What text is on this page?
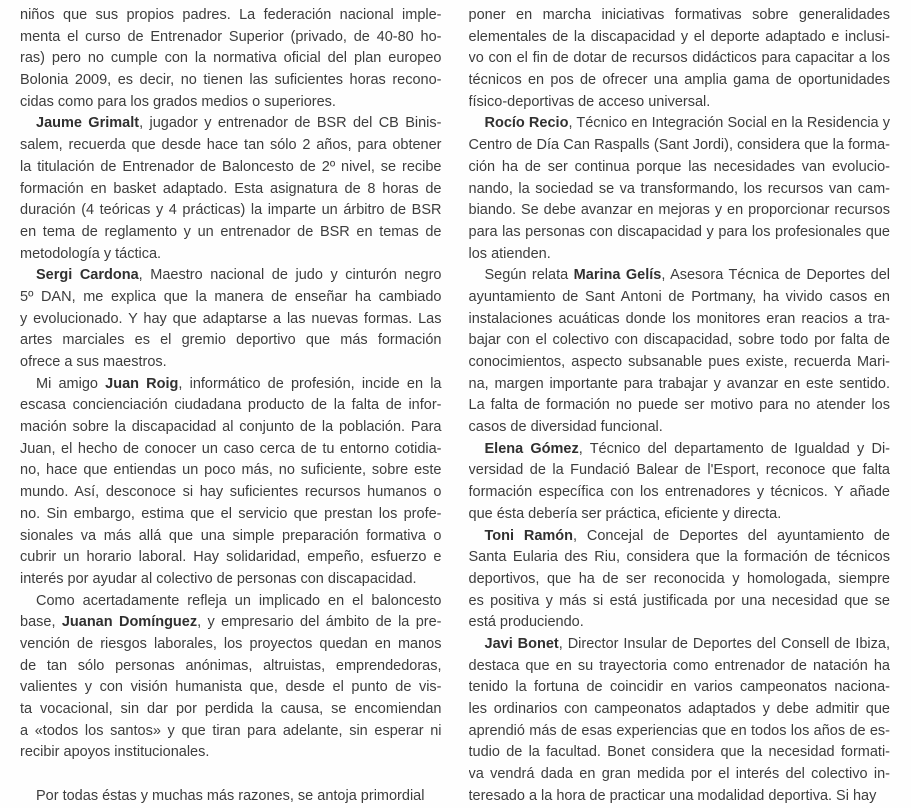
niños que sus propios padres. La federación nacional imple-
menta el curso de Entrenador Superior (privado, de 40-80 ho-
ras) pero no cumple con la normativa oficial del plan europeo
Bolonia 2009, es decir, no tienen las suficientes horas recono-
cidas como para los grados medios o superiores.
Jaume Grimalt, jugador y entrenador de BSR del CB Binis-
salem, recuerda que desde hace tan sólo 2 años, para obtener
la titulación de Entrenador de Baloncesto de 2º nivel, se recibe
formación en basket adaptado. Esta asignatura de 8 horas de
duración (4 teóricas y 4 prácticas) la imparte un árbitro de BSR
en tema de reglamento y un entrenador de BSR en temas de
metodología y táctica.
Sergi Cardona, Maestro nacional de judo y cinturón negro
5º DAN, me explica que la manera de enseñar ha cambiado
y evolucionado. Y hay que adaptarse a las nuevas formas. Las
artes marciales es el gremio deportivo que más formación
ofrece a sus maestros.
Mi amigo Juan Roig, informático de profesión, incide en la
escasa concienciación ciudadana producto de la falta de infor-
mación sobre la discapacidad al conjunto de la población. Para
Juan, el hecho de conocer un caso cerca de tu entorno cotidia-
no, hace que entiendas un poco más, no suficiente, sobre este
mundo. Así, desconoce si hay suficientes recursos humanos o
no. Sin embargo, estima que el servicio que prestan los profe-
sionales va más allá que una simple preparación formativa o
cubrir un horario laboral. Hay solidaridad, empeño, esfuerzo e
interés por ayudar al colectivo de personas con discapacidad.
Como acertadamente refleja un implicado en el baloncesto
base, Juanan Domínguez, y empresario del ámbito de la pre-
vención de riesgos laborales, los proyectos quedan en manos
de tan sólo personas anónimas, altruistas, emprendedoras,
valientes y con visión humanista que, desde el punto de vis-
ta vocacional, sin dar por perdida la causa, se encomiendan
a «todos los santos» y que tiran para adelante, sin esperar ni
recibir apoyos institucionales.
Por todas éstas y muchas más razones, se antoja primordial
poner en marcha iniciativas formativas sobre generalidades
elementales de la discapacidad y el deporte adaptado e inclusi-
vo con el fin de dotar de recursos didácticos para capacitar a los
técnicos en pos de ofrecer una amplia gama de oportunidades
físico-deportivas de acceso universal.
Rocío Recio, Técnico en Integración Social en la Residencia y
Centro de Día Can Raspalls (Sant Jordi), considera que la forma-
ción ha de ser continua porque las necesidades van evolucio-
nando, la sociedad se va transformando, los recursos van cam-
biando. Se debe avanzar en mejoras y en proporcionar recursos
para las personas con discapacidad y para los profesionales que
los atienden.
Según relata Marina Gelís, Asesora Técnica de Deportes del
ayuntamiento de Sant Antoni de Portmany, ha vivido casos en
instalaciones acuáticas donde los monitores eran reacios a tra-
bajar con el colectivo con discapacidad, sobre todo por falta de
conocimientos, aspecto subsanable pues existe, recuerda Mari-
na, margen importante para trabajar y avanzar en este sentido.
La falta de formación no puede ser motivo para no atender los
casos de diversidad funcional.
Elena Gómez, Técnico del departamento de Igualdad y Di-
versidad de la Fundació Balear de l'Esport, reconoce que falta
formación específica con los entrenadores y técnicos. Y añade
que ésta debería ser práctica, eficiente y directa.
Toni Ramón, Concejal de Deportes del ayuntamiento de
Santa Eularia des Riu, considera que la formación de técnicos
deportivos, que ha de ser reconocida y homologada, siempre
es positiva y más si está justificada por una necesidad que se
está produciendo.
Javi Bonet, Director Insular de Deportes del Consell de Ibiza,
destaca que en su trayectoria como entrenador de natación ha
tenido la fortuna de coincidir en varios campeonatos naciona-
les ordinarios con campeonatos adaptados y debe admitir que
aprendió más de esas experiencias que en todos los años de es-
tudio de la facultad. Bonet considera que la necesidad formati-
va vendrá dada en gran medida por el interés del colectivo in-
teresado a la hora de practicar una modalidad deportiva. Si hay
